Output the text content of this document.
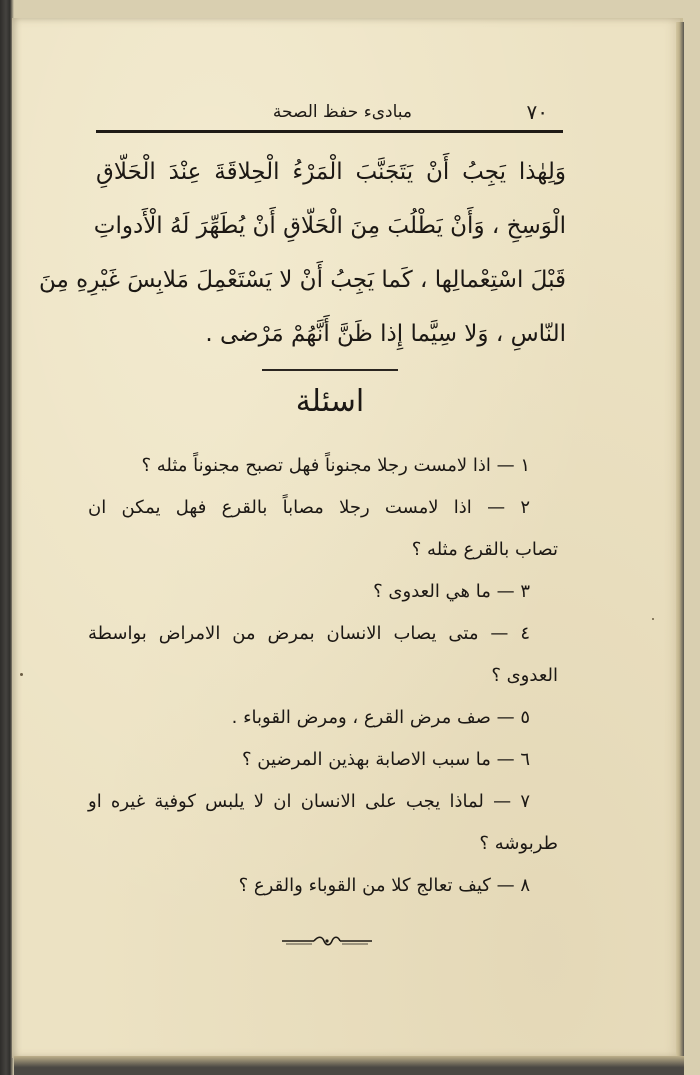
٧٠
مبادىء حفظ الصحة
وَلِهٰذا يَجِبُ أَنْ يَتَجَنَّبَ الْمَرْءُ الْحِلاقَةَ عِنْدَ الْحَلّاقِ
الْوَسِخِ ، وَأَنْ يَطْلُبَ مِنَ الْحَلّاقِ أَنْ يُطَهِّرَ لَهُ الْأَدواتِ
قَبْلَ اسْتِعْمالِها ، كَما يَجِبُ أَنْ لا يَسْتَعْمِلَ مَلابِسَ غَيْرِهِ مِنَ
النّاسِ ، وَلا سِيَّما إِذا ظَنَّ أَنَّهُمْ مَرْضى .
اسئلة
١ — اذا لامست رجلا مجنوناً فهل تصبح مجنوناً مثله ؟
٢ — اذا لامست رجلا مصاباً بالقرع فهل يمكن ان
تصاب بالقرع مثله ؟
٣ — ما هي العدوى ؟
٤ — متى يصاب الانسان بمرض من الامراض بواسطة
العدوى ؟
٥ — صف مرض القرع ، ومرض القوباء .
٦ — ما سبب الاصابة بهذين المرضين ؟
٧ — لماذا يجب على الانسان ان لا يلبس كوفية غيره او
طربوشه ؟
٨ — كيف تعالج كلا من القوباء والقرع ؟
